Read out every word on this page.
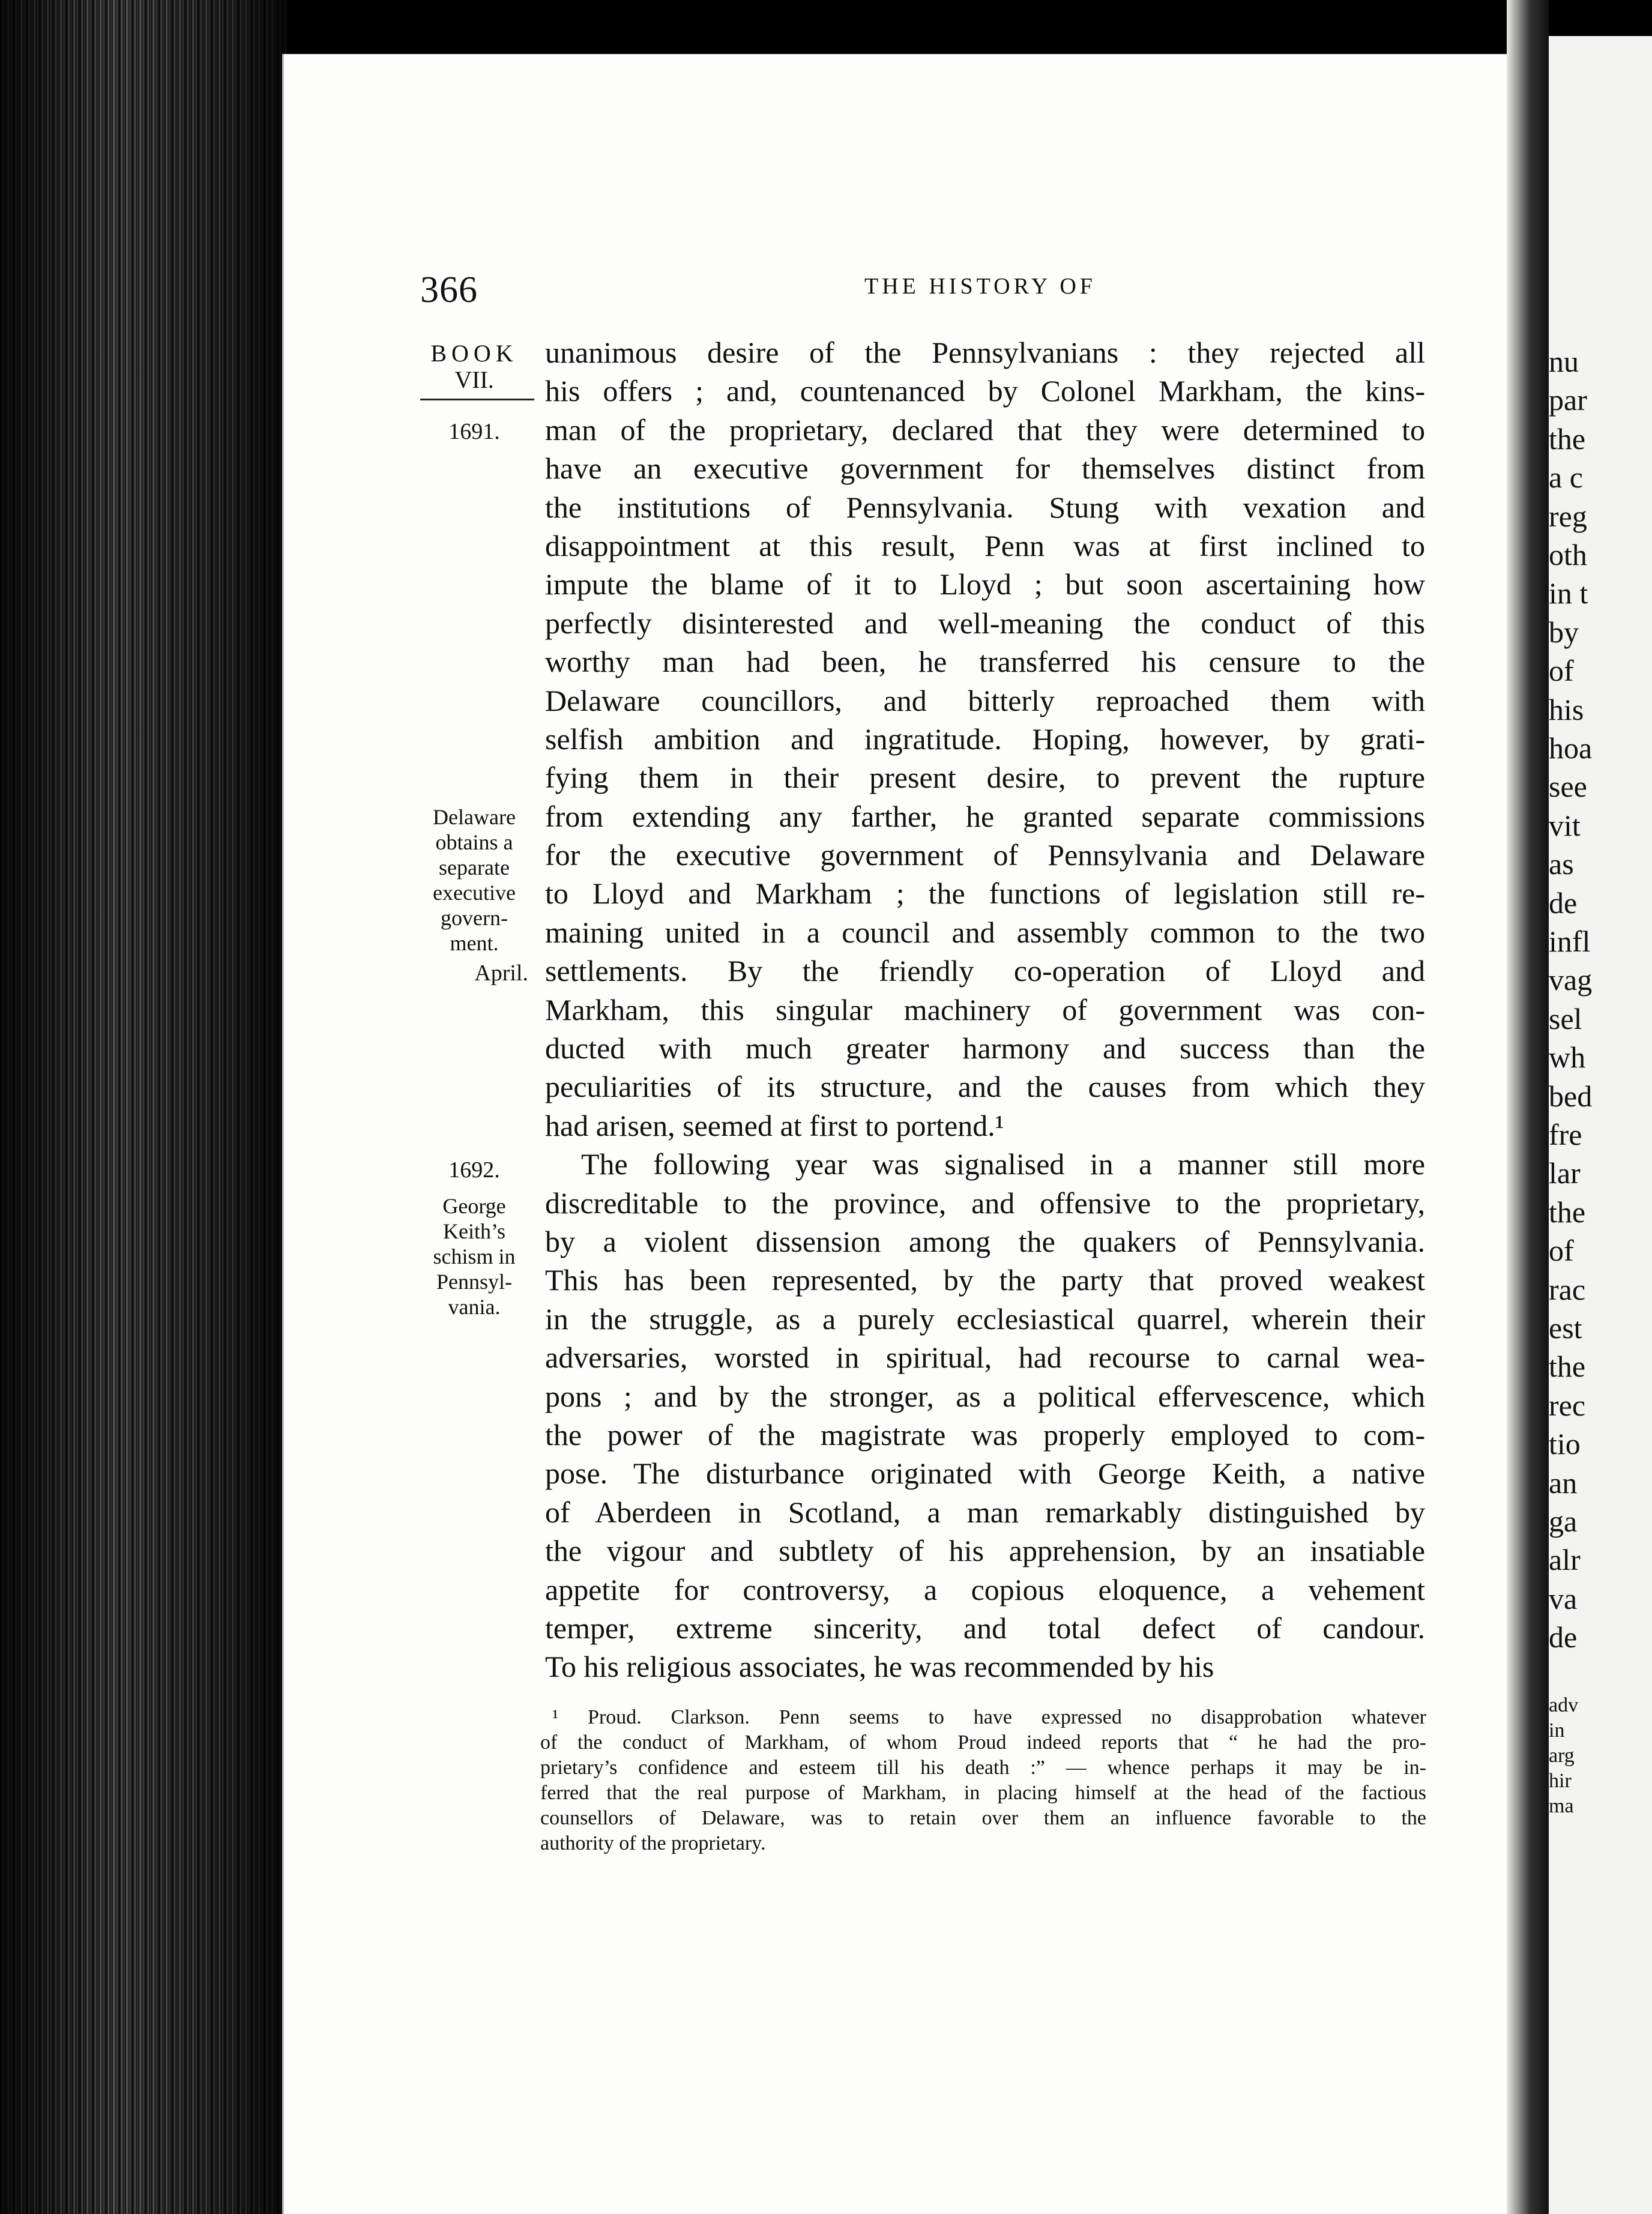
nu
par
the
a c
reg
oth
in t
by
of
his
hoa
see
vit
as
de
infl
vag
sel
wh
bed
fre
lar
the
of
rac
est
the
rec
tio
an
ga
alr
va
de
adv
in
arg
hir
ma
366	THE HISTORY OF
BOOK
VII.
1691.
Delaware
obtains a
separate
executive
govern-
ment.
April.
1692.
George
Keith’s
schism in
Pennsyl-
vania.
unanimous desire of the Pennsylvanians : they rejected all
his offers ; and, countenanced by Colonel Markham, the kins-
man of the proprietary, declared that they were determined to
have an executive government for themselves distinct from
the institutions of Pennsylvania. Stung with vexation and
disappointment at this result, Penn was at first inclined to
impute the blame of it to Lloyd ; but soon ascertaining how
perfectly disinterested and well-meaning the conduct of this
worthy man had been, he transferred his censure to the
Delaware councillors, and bitterly reproached them with
selfish ambition and ingratitude. Hoping, however, by grati-
fying them in their present desire, to prevent the rupture
from extending any farther, he granted separate commissions
for the executive government of Pennsylvania and Delaware
to Lloyd and Markham ; the functions of legislation still re-
maining united in a council and assembly common to the two
settlements. By the friendly co-operation of Lloyd and
Markham, this singular machinery of government was con-
ducted with much greater harmony and success than the
peculiarities of its structure, and the causes from which they
had arisen, seemed at first to portend.¹
The following year was signalised in a manner still more
discreditable to the province, and offensive to the proprietary,
by a violent dissension among the quakers of Pennsylvania.
This has been represented, by the party that proved weakest
in the struggle, as a purely ecclesiastical quarrel, wherein their
adversaries, worsted in spiritual, had recourse to carnal wea-
pons ; and by the stronger, as a political effervescence, which
the power of the magistrate was properly employed to com-
pose. The disturbance originated with George Keith, a native
of Aberdeen in Scotland, a man remarkably distinguished by
the vigour and subtlety of his apprehension, by an insatiable
appetite for controversy, a copious eloquence, a vehement
temper, extreme sincerity, and total defect of candour.
To his religious associates, he was recommended by his
¹ Proud. Clarkson. Penn seems to have expressed no disapprobation whatever
of the conduct of Markham, of whom Proud indeed reports that “ he had the pro-
prietary’s confidence and esteem till his death :” — whence perhaps it may be in-
ferred that the real purpose of Markham, in placing himself at the head of the factious
counsellors of Delaware, was to retain over them an influence favorable to the
authority of the proprietary.
